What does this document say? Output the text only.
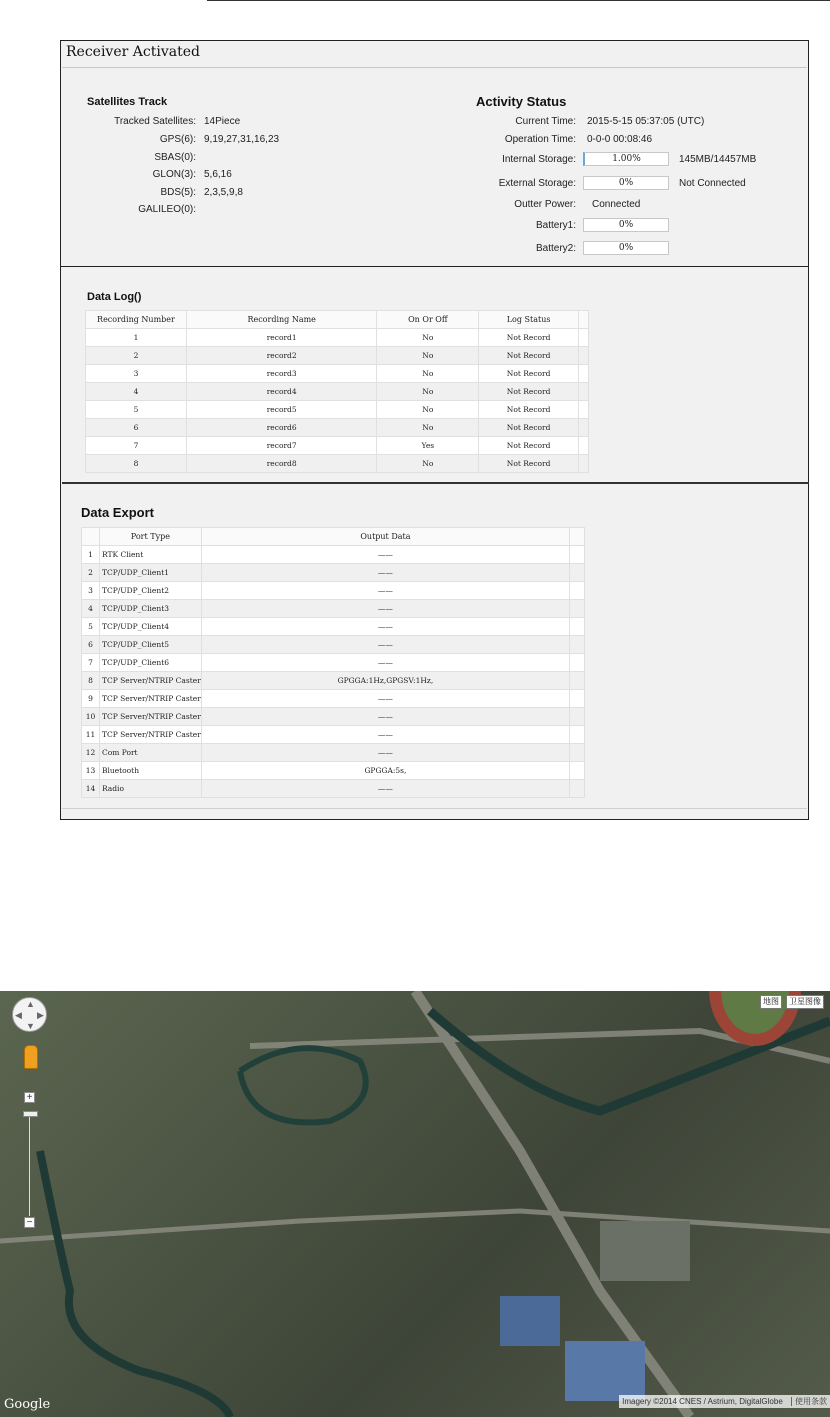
Receiver Activated
Satellites Track
Tracked Satellites: 14Piece
GPS(6): 9,19,27,31,16,23
SBAS(0):
GLON(3): 5,6,16
BDS(5): 2,3,5,9,8
GALILEO(0):
Activity Status
Current Time: 2015-5-15 05:37:05 (UTC)
Operation Time: 0-0-0 00:08:46
Internal Storage:	1.00%	145MB/14457MB
External Storage:	0%	Not Connected
Outter Power: Connected
Battery1:	0%
Battery2:	0%
Data Log()
Recording Number	Recording Name	On Or Off	Log Status	
1	record1	No	Not Record	
2	record2	No	Not Record	
3	record3	No	Not Record	
4	record4	No	Not Record	
5	record5	No	Not Record	
6	record6	No	Not Record	
7	record7	Yes	Not Record	
8	record8	No	Not Record	
Data Export
	Port Type	Output Data	
1	RTK Client	——	
2	TCP/UDP_Client1	——	
3	TCP/UDP_Client2	——	
4	TCP/UDP_Client3	——	
5	TCP/UDP_Client4	——	
6	TCP/UDP_Client5	——	
7	TCP/UDP_Client6	——	
8	TCP Server/NTRIP Caster	GPGGA:1Hz,GPGSV:1Hz,	
9	TCP Server/NTRIP Caster	——	
10	TCP Server/NTRIP Caster	——	
11	TCP Server/NTRIP Caster	——	
12	Com Port	——	
13	Bluetooth	GPGGA:5s,	
14	Radio	——	
地图	卫星图像
▲
▼
◀ ▶
+
−
Google	Imagery ©2014 CNES / Astrium, DigitalGlobe 使用条款
